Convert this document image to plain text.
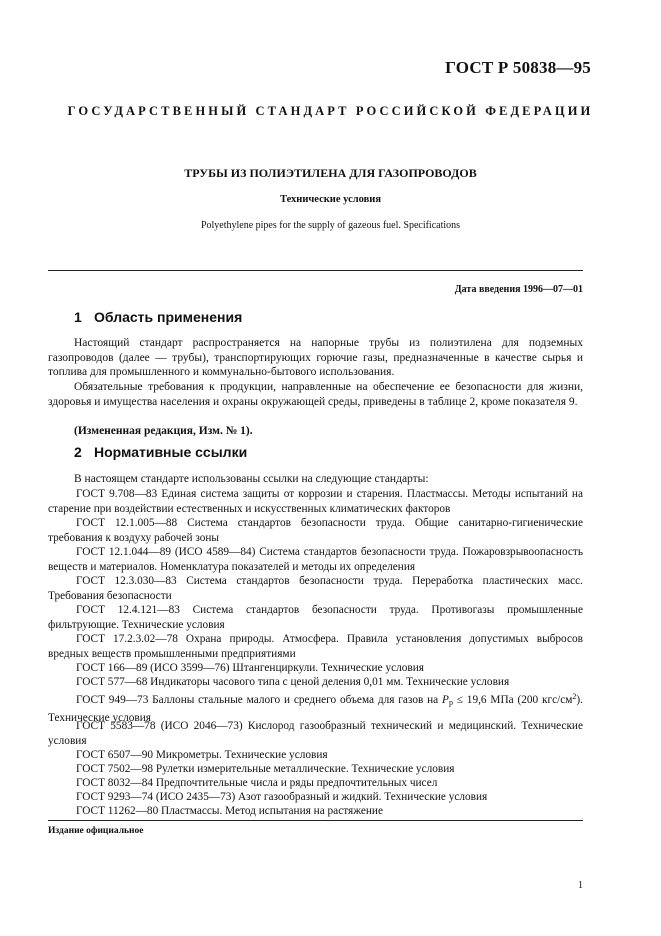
ГОСТ Р 50838—95
ГОСУДАРСТВЕННЫЙ СТАНДАРТ РОССИЙСКОЙ ФЕДЕРАЦИИ
ТРУБЫ ИЗ ПОЛИЭТИЛЕНА ДЛЯ ГАЗОПРОВОДОВ
Технические условия
Polyethylene pipes for the supply of gazeous fuel. Specifications
Дата введения 1996—07—01
1 Область применения
Настоящий стандарт распространяется на напорные трубы из полиэтилена для подземных газопроводов (далее — трубы), транспортирующих горючие газы, предназначенные в качестве сырья и топлива для промышленного и коммунально-бытового использования.
Обязательные требования к продукции, направленные на обеспечение ее безопасности для жизни, здоровья и имущества населения и охраны окружающей среды, приведены в таблице 2, кроме показателя 9.
(Измененная редакция, Изм. № 1).
2 Нормативные ссылки
В настоящем стандарте использованы ссылки на следующие стандарты:
ГОСТ 9.708—83 Единая система защиты от коррозии и старения. Пластмассы. Методы испытаний на старение при воздействии естественных и искусственных климатических факторов
ГОСТ 12.1.005—88 Система стандартов безопасности труда. Общие санитарно-гигиенические требования к воздуху рабочей зоны
ГОСТ 12.1.044—89 (ИСО 4589—84) Система стандартов безопасности труда. Пожаровзрывоопасность веществ и материалов. Номенклатура показателей и методы их определения
ГОСТ 12.3.030—83 Система стандартов безопасности труда. Переработка пластических масс. Требования безопасности
ГОСТ 12.4.121—83 Система стандартов безопасности труда. Противогазы промышленные фильтрующие. Технические условия
ГОСТ 17.2.3.02—78 Охрана природы. Атмосфера. Правила установления допустимых выбросов вредных веществ промышленными предприятиями
ГОСТ 166—89 (ИСО 3599—76) Штангенциркули. Технические условия
ГОСТ 577—68 Индикаторы часового типа с ценой деления 0,01 мм. Технические условия
ГОСТ 949—73 Баллоны стальные малого и среднего объема для газов на $P_р \le 19,6$ МПа (200 кгс/$см^2$). Технические условия
ГОСТ 5583—78 (ИСО 2046—73) Кислород газообразный технический и медицинский. Технические условия
ГОСТ 6507—90 Микрометры. Технические условия
ГОСТ 7502—98 Рулетки измерительные металлические. Технические условия
ГОСТ 8032—84 Предпочтительные числа и ряды предпочтительных чисел
ГОСТ 9293—74 (ИСО 2435—73) Азот газообразный и жидкий. Технические условия
ГОСТ 11262—80 Пластмассы. Метод испытания на растяжение
Издание официальное
1
